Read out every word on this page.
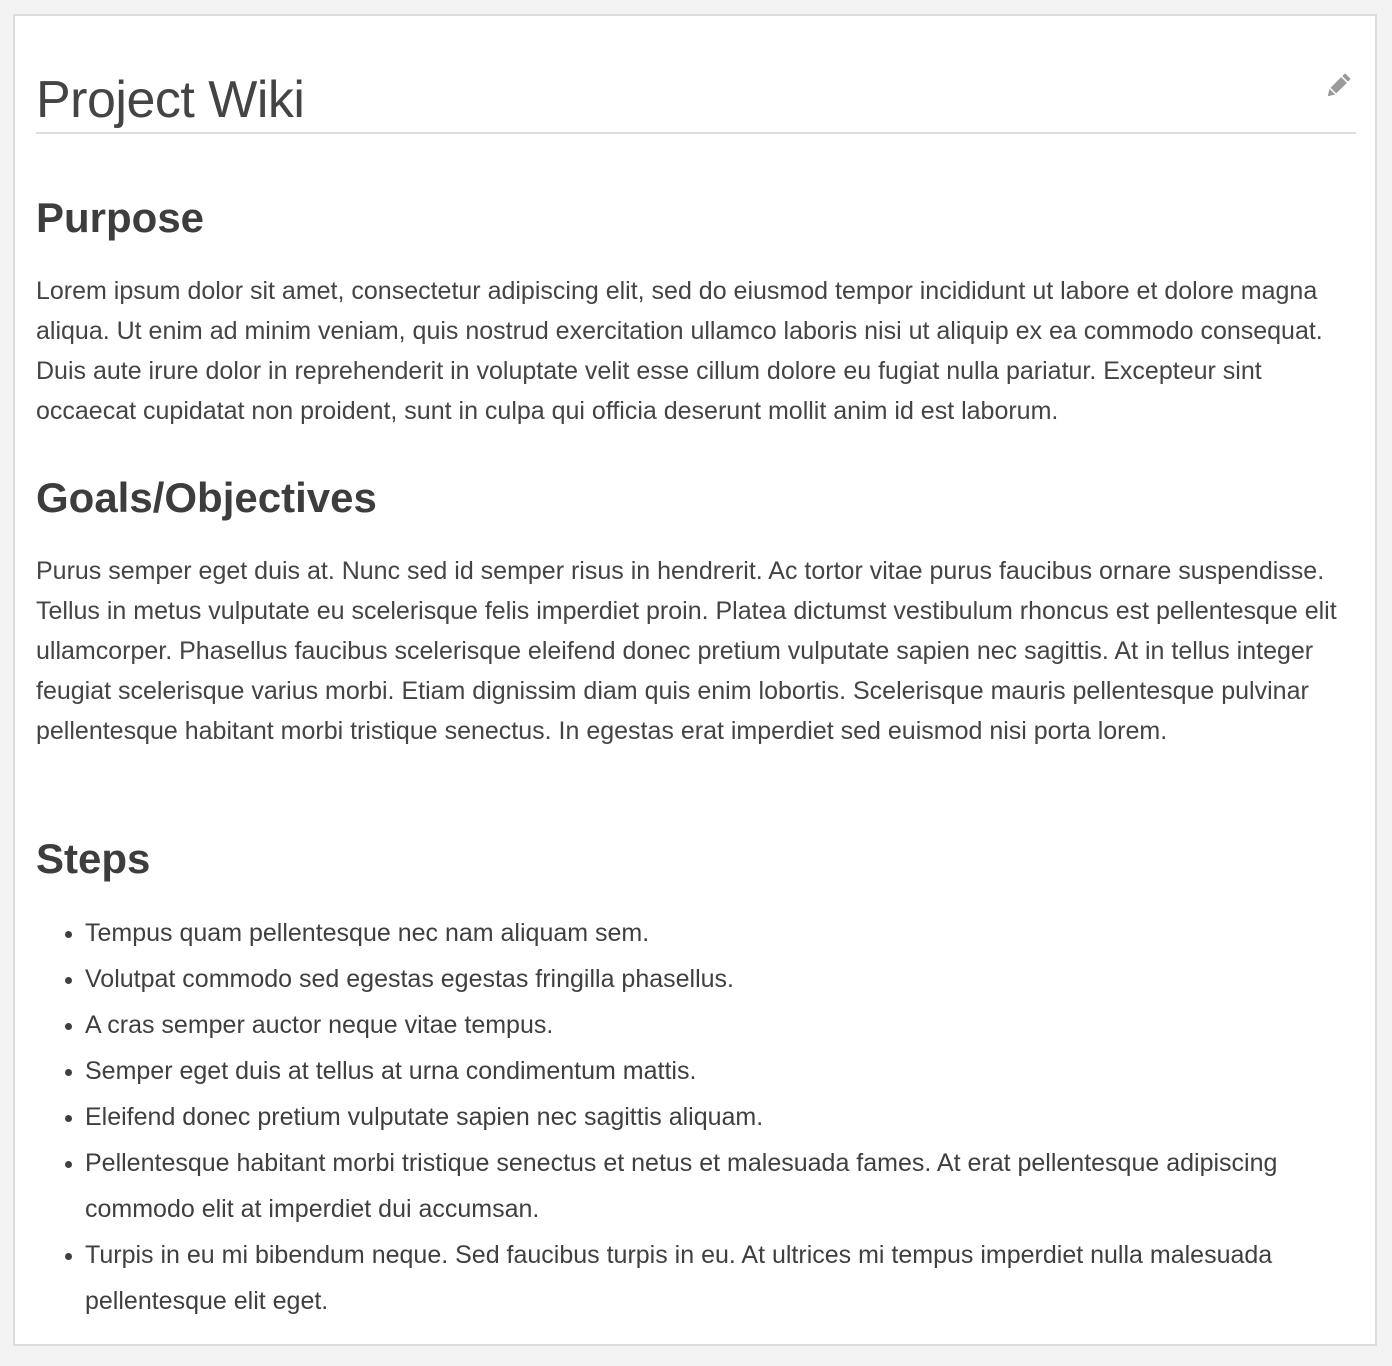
Project Wiki
Purpose

Lorem ipsum dolor sit amet, consectetur adipiscing elit, sed do eiusmod tempor incididunt ut labore et dolore magna aliqua. Ut enim ad minim veniam, quis nostrud exercitation ullamco laboris nisi ut aliquip ex ea commodo consequat. Duis aute irure dolor in reprehenderit in voluptate velit esse cillum dolore eu fugiat nulla pariatur. Excepteur sint occaecat cupidatat non proident, sunt in culpa qui officia deserunt mollit anim id est laborum.

Goals/Objectives

Purus semper eget duis at. Nunc sed id semper risus in hendrerit. Ac tortor vitae purus faucibus ornare suspendisse. Tellus in metus vulputate eu scelerisque felis imperdiet proin. Platea dictumst vestibulum rhoncus est pellentesque elit ullamcorper. Phasellus faucibus scelerisque eleifend donec pretium vulputate sapien nec sagittis. At in tellus integer feugiat scelerisque varius morbi. Etiam dignissim diam quis enim lobortis. Scelerisque mauris pellentesque pulvinar pellentesque habitant morbi tristique senectus. In egestas erat imperdiet sed euismod nisi porta lorem.

Steps
• Tempus quam pellentesque nec nam aliquam sem.
• Volutpat commodo sed egestas egestas fringilla phasellus.
• A cras semper auctor neque vitae tempus.
• Semper eget duis at tellus at urna condimentum mattis.
• Eleifend donec pretium vulputate sapien nec sagittis aliquam.
• Pellentesque habitant morbi tristique senectus et netus et malesuada fames. At erat pellentesque adipiscing commodo elit at imperdiet dui accumsan.
• Turpis in eu mi bibendum neque. Sed faucibus turpis in eu. At ultrices mi tempus imperdiet nulla malesuada pellentesque elit eget.
